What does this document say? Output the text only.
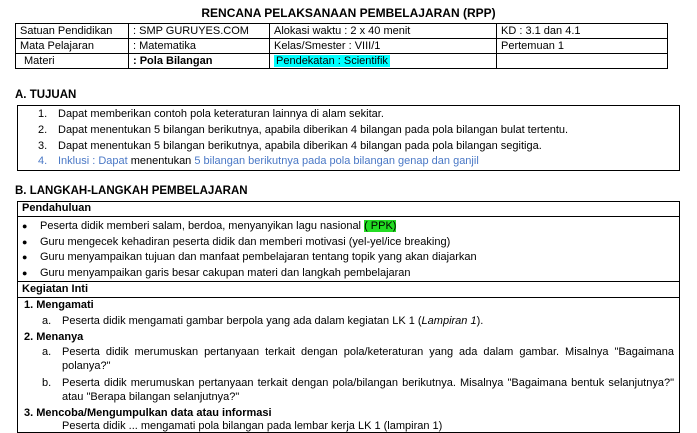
RENCANA PELAKSANAAN PEMBELAJARAN (RPP)
Satuan Pendidikan	: SMP GURUYES.COM	Alokasi waktu : 2 x 40 menit	KD : 3.1 dan 4.1
Mata Pelajaran	: Matematika	Kelas/Smester : VIII/1	Pertemuan 1
Materi	: Pola Bilangan	Pendekatan : Scientifik	
A. TUJUAN
1. Dapat memberikan contoh pola keteraturan lainnya di alam sekitar.
2. Dapat menentukan 5 bilangan berikutnya, apabila diberikan 4 bilangan pada pola bilangan bulat tertentu.
3. Dapat menentukan 5 bilangan berikutnya, apabila diberikan 4 bilangan pada pola bilangan segitiga.
4. Inklusi : Dapat menentukan 5 bilangan berikutnya pada pola bilangan genap dan ganjil
B. LANGKAH-LANGKAH PEMBELAJARAN
Pendahuluan
● Peserta didik memberi salam, berdoa, menyanyikan lagu nasional ( PPK)
● Guru mengecek kehadiran peserta didik dan memberi motivasi (yel-yel/ice breaking)
● Guru menyampaikan tujuan dan manfaat pembelajaran tentang topik yang akan diajarkan
● Guru menyampaikan garis besar cakupan materi dan langkah pembelajaran
Kegiatan Inti
1. Mengamati
a. Peserta didik mengamati gambar berpola yang ada dalam kegiatan LK 1 (Lampiran 1).
2. Menanya
a. Peserta didik merumuskan pertanyaan terkait dengan pola/keteraturan yang ada dalam gambar. Misalnya "Bagaimana
polanya?"
b. Peserta didik merumuskan pertanyaan terkait dengan pola/bilangan berikutnya. Misalnya "Bagaimana bentuk selanjutnya?"
atau "Berapa bilangan selanjutnya?"
3. Mencoba/Mengumpulkan data atau informasi
Peserta didik ... mengamati pola bilangan pada lembar kerja LK 1 (lampiran 1)
